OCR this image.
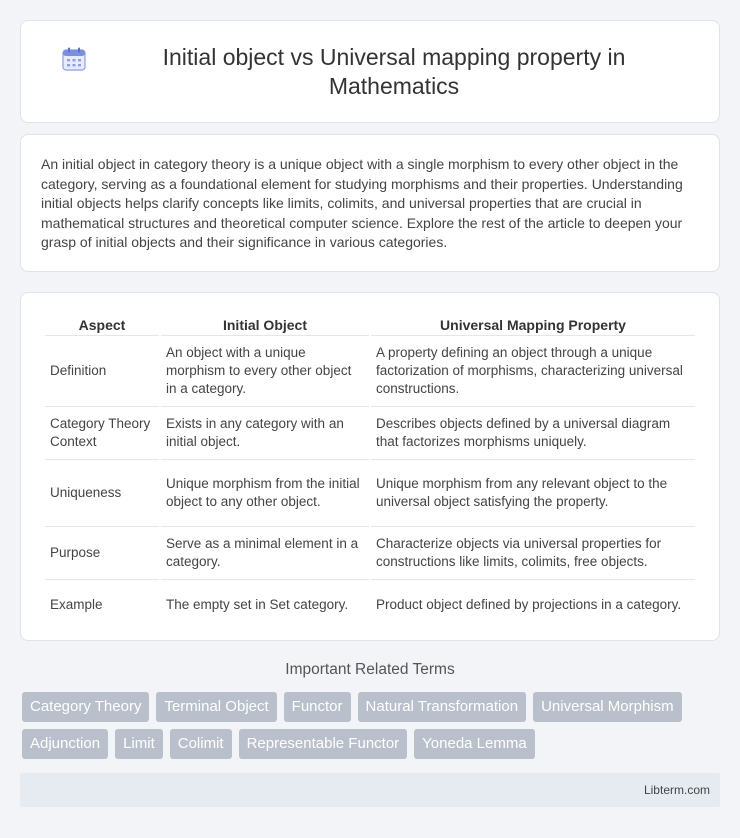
Initial object vs Universal mapping property in Mathematics

An initial object in category theory is a unique object with a single morphism to every other object in the category, serving as a foundational element for studying morphisms and their properties. Understanding initial objects helps clarify concepts like limits, colimits, and universal properties that are crucial in mathematical structures and theoretical computer science. Explore the rest of the article to deepen your grasp of initial objects and their significance in various categories.

Aspect	Initial Object	Universal Mapping Property
Definition	An object with a unique morphism to every other object in a category.	A property defining an object through a unique factorization of morphisms, characterizing universal constructions.
Category Theory Context	Exists in any category with an initial object.	Describes objects defined by a universal diagram that factorizes morphisms uniquely.
Uniqueness	Unique morphism from the initial object to any other object.	Unique morphism from any relevant object to the universal object satisfying the property.
Purpose	Serve as a minimal element in a category.	Characterize objects via universal properties for constructions like limits, colimits, free objects.
Example	The empty set in Set category.	Product object defined by projections in a category.
Important Related Terms
Category Theory	Terminal Object	Functor	Natural Transformation	Universal Morphism
Adjunction	Limit	Colimit	Representable Functor	Yoneda Lemma
Libterm.com
